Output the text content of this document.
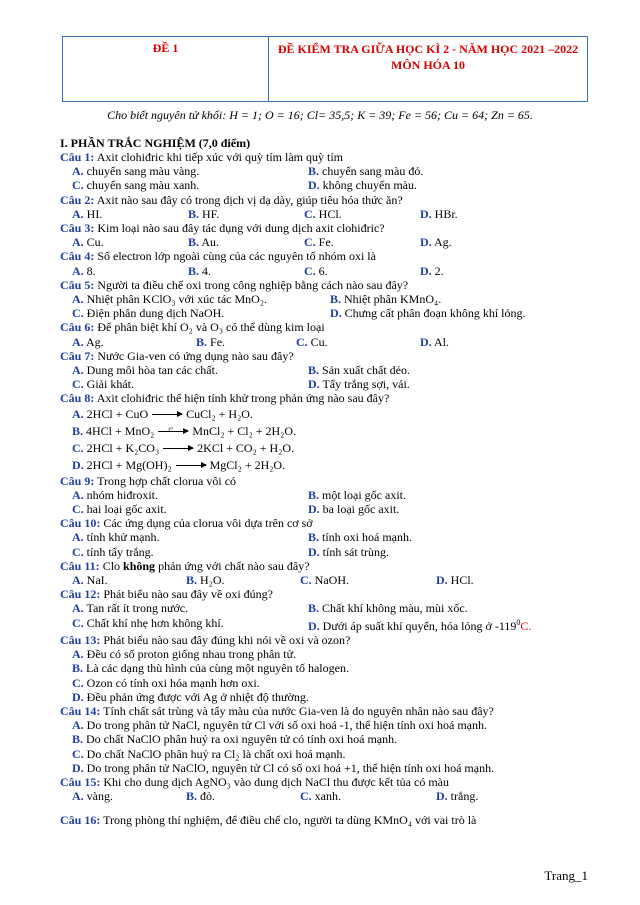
ĐỀ 1	ĐỀ KIỂM TRA GIỮA HỌC KÌ 2 - NĂM HỌC 2021 –2022
MÔN HÓA 10
Cho biết nguyên tử khối: H = 1; O = 16; Cl= 35,5; K = 39; Fe = 56; Cu = 64; Zn = 65.
I. PHẦN TRẮC NGHIỆM (7,0 điểm)
Câu 1: Axit clohiđric khi tiếp xúc với quỳ tím làm quỳ tím
A. chuyển sang màu vàng.	B. chuyển sang màu đỏ.
C. chuyển sang màu xanh.	D. không chuyển màu.
Câu 2: Axit nào sau đây có trong dịch vị dạ dày, giúp tiêu hóa thức ăn?
A. HI.	B. HF.	C. HCl.	D. HBr.
Câu 3: Kim loại nào sau đây tác dụng với dung dịch axit clohiđric?
A. Cu.	B. Au.	C. Fe.	D. Ag.
Câu 4: Số electron lớp ngoài cùng của các nguyên tố nhóm oxi là
A. 8.	B. 4.	C. 6.	D. 2.
Câu 5: Người ta điều chế oxi trong công nghiệp bằng cách nào sau đây?
A. Nhiệt phân KClO₃ với xúc tác MnO₂.	B. Nhiệt phân KMnO₄.
C. Điện phân dung dịch NaOH.	D. Chưng cất phân đoạn không khí lỏng.
Câu 6: Để phân biệt khí O₂ và O₃ có thể dùng kim loại
A. Ag.	B. Fe.	C. Cu.	D. Al.
Câu 7: Nước Gia-ven có ứng dụng nào sau đây?
A. Dung môi hòa tan các chất.	B. Sản xuất chất dẻo.
C. Giải khát.	D. Tẩy trắng sợi, vải.
Câu 8: Axit clohiđric thể hiện tính khử trong phản ứng nào sau đây?
A. 2HCl + CuO	CuCl₂ + H₂O.
B. 4HCl + MnO₂ t° MnCl₂ + Cl₂ + 2H₂O.
C. 2HCl + K₂CO₃	2KCl + CO₂ + H₂O.
D. 2HCl + Mg(OH)₂	MgCl₂ + 2H₂O.
Câu 9: Trong hợp chất clorua vôi có
A. nhóm hiđroxit.	B. một loại gốc axit.
C. hai loại gốc axit.	D. ba loại gốc axit.
Câu 10: Các ứng dụng của clorua vôi dựa trên cơ sở
A. tính khử mạnh.	B. tính oxi hoá mạnh.
C. tính tẩy trắng.	D. tính sát trùng.
Câu 11: Clo không phản ứng với chất nào sau đây?
A. NaI.	B. H₂O.	C. NaOH.	D. HCl.
Câu 12: Phát biểu nào sau đây về oxi đúng?
A. Tan rất ít trong nước.	B. Chất khí không màu, mùi xốc.
C. Chất khí nhẹ hơn không khí.	D. Dưới áp suất khí quyển, hóa lỏng ở $-119^0C$.
Câu 13: Phát biểu nào sau đây đúng khi nói về oxi và ozon?
A. Đều có số proton giống nhau trong phân tử.
B. Là các dạng thù hình của cùng một nguyên tố halogen.
C. Ozon có tính oxi hóa mạnh hơn oxi.
D. Đều phản ứng được với Ag ở nhiệt độ thường.
Câu 14: Tính chất sát trùng và tẩy màu của nước Gia-ven là do nguyên nhân nào sau đây?
A. Do trong phân tử NaCl, nguyên tử Cl với số oxi hoá -1, thể hiện tính oxi hoá mạnh.
B. Do chất NaClO phân huỷ ra oxi nguyên tử có tính oxi hoá mạnh.
C. Do chất NaClO phân huỷ ra Cl₂ là chất oxi hoá mạnh.
D. Do trong phân tử NaClO, nguyên tử Cl có số oxi hoá +1, thể hiện tính oxi hoá mạnh.
Câu 15: Khi cho dung dịch AgNO₃ vào dung dịch NaCl thu được kết tủa có màu
A. vàng.	B. đỏ.	C. xanh.	D. trắng.
Câu 16: Trong phòng thí nghiệm, để điều chế clo, người ta dùng KMnO₄ với vai trò là
Trang_1
